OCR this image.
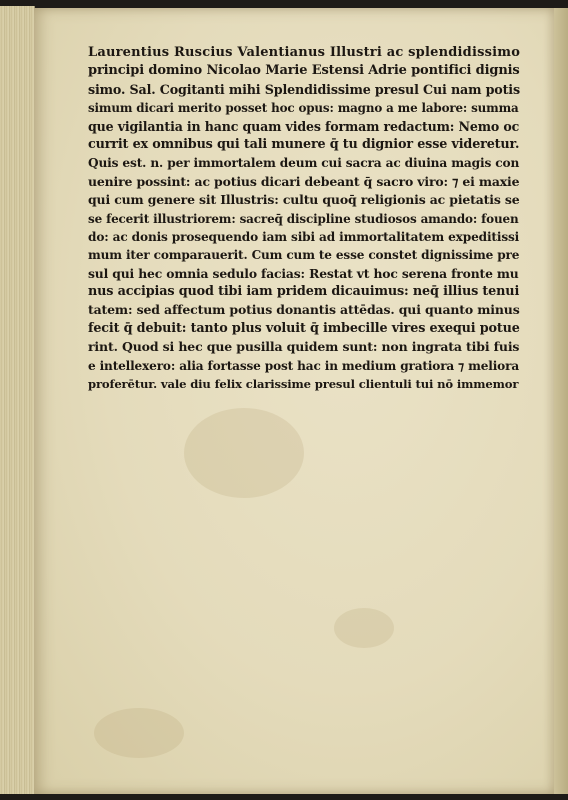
Laurentius Ruscius Valentianus Illustri ac splendidissimo
principi domino Nicolao Marie Estensi Adrie pontifici dignis
simo. Sal. Cogitanti mihi Splendidissime presul Cui nam potis
simum dicari merito posset hoc opus: magno a me labore: summa
que vigilantia in hanc quam vides formam redactum: Nemo oc
currit ex omnibus qui tali munere q̄ tu dignior esse videretur.
Quis est. n. per immortalem deum cui sacra ac diuina magis con
uenire possint: ac potius dicari debeant q̄ sacro viro: ⁊ ei maxie
qui cum genere sit Illustris: cultu quoq̄ religionis ac pietatis se
se fecerit illustriorem: sacreq̄ discipline studiosos amando: fouen
do: ac donis prosequendo iam sibi ad immortalitatem expeditissi
mum iter comparauerit. Cum cum te esse constet dignissime pre
sul qui hec omnia sedulo facias: Restat vt hoc serena fronte mu
nus accipias quod tibi iam pridem dicauimus: neq̄ illius tenui
tatem: sed affectum potius donantis attēdas. qui quanto minus
fecit q̄ debuit: tanto plus voluit q̄ imbecille vires exequi potue
rint. Quod si hec que pusilla quidem sunt: non ingrata tibi fuis
e intellexero: alia fortasse post hac in medium gratiora ⁊ meliora
proferētur. vale diu felix clarissime presul clientuli tui nō immemor
